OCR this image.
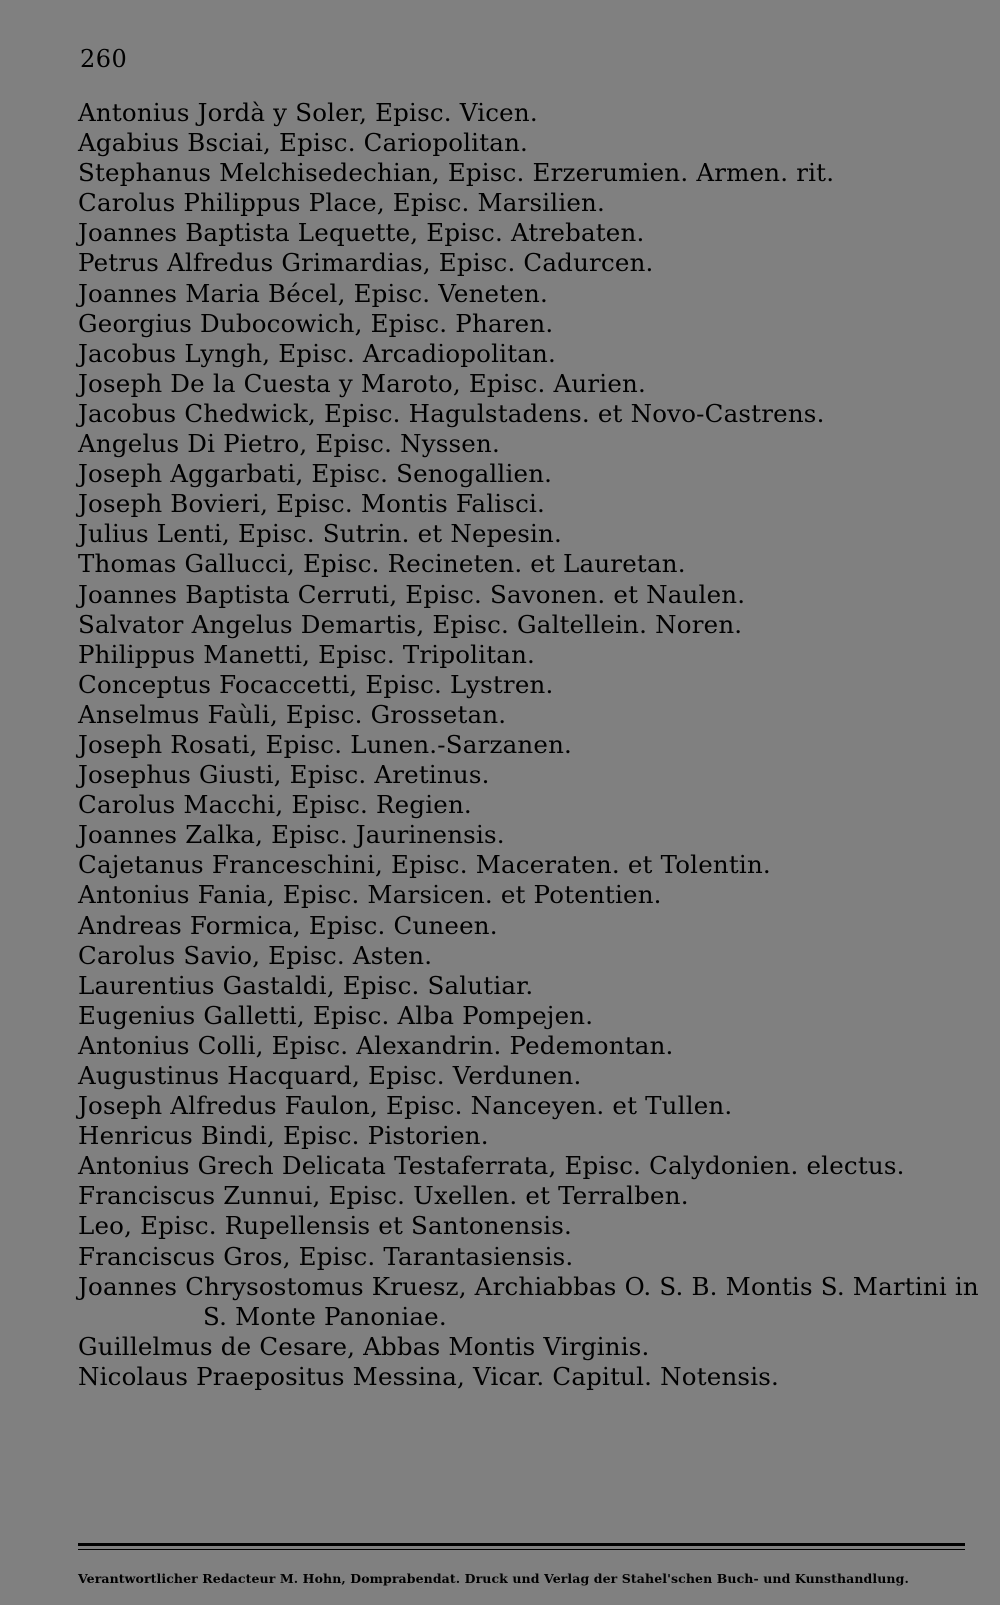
260
Antonius Jordà y Soler, Episc. Vicen.
Agabius Bsciai, Episc. Cariopolitan.
Stephanus Melchisedechian, Episc. Erzerumien. Armen. rit.
Carolus Philippus Place, Episc. Marsilien.
Joannes Baptista Lequette, Episc. Atrebaten.
Petrus Alfredus Grimardias, Episc. Cadurcen.
Joannes Maria Bécel, Episc. Veneten.
Georgius Dubocowich, Episc. Pharen.
Jacobus Lyngh, Episc. Arcadiopolitan.
Joseph De la Cuesta y Maroto, Episc. Aurien.
Jacobus Chedwick, Episc. Hagulstadens. et Novo-Castrens.
Angelus Di Pietro, Episc. Nyssen.
Joseph Aggarbati, Episc. Senogallien.
Joseph Bovieri, Episc. Montis Falisci.
Julius Lenti, Episc. Sutrin. et Nepesin.
Thomas Gallucci, Episc. Recineten. et Lauretan.
Joannes Baptista Cerruti, Episc. Savonen. et Naulen.
Salvator Angelus Demartis, Episc. Galtellein. Noren.
Philippus Manetti, Episc. Tripolitan.
Conceptus Focaccetti, Episc. Lystren.
Anselmus Faùli, Episc. Grossetan.
Joseph Rosati, Episc. Lunen.-Sarzanen.
Josephus Giusti, Episc. Aretinus.
Carolus Macchi, Episc. Regien.
Joannes Zalka, Episc. Jaurinensis.
Cajetanus Franceschini, Episc. Maceraten. et Tolentin.
Antonius Fania, Episc. Marsicen. et Potentien.
Andreas Formica, Episc. Cuneen.
Carolus Savio, Episc. Asten.
Laurentius Gastaldi, Episc. Salutiar.
Eugenius Galletti, Episc. Alba Pompejen.
Antonius Colli, Episc. Alexandrin. Pedemontan.
Augustinus Hacquard, Episc. Verdunen.
Joseph Alfredus Faulon, Episc. Nanceyen. et Tullen.
Henricus Bindi, Episc. Pistorien.
Antonius Grech Delicata Testaferrata, Episc. Calydonien. electus.
Franciscus Zunnui, Episc. Uxellen. et Terralben.
Leo, Episc. Rupellensis et Santonensis.
Franciscus Gros, Episc. Tarantasiensis.
Joannes Chrysostomus Kruesz, Archiabbas O. S. B. Montis S. Martini in
S. Monte Panoniae.
Guillelmus de Cesare, Abbas Montis Virginis.
Nicolaus Praepositus Messina, Vicar. Capitul. Notensis.
Verantwortlicher Redacteur M. Hohn, Domprabendat. Druck und Verlag der Stahel'schen Buch- und Kunsthandlung.
